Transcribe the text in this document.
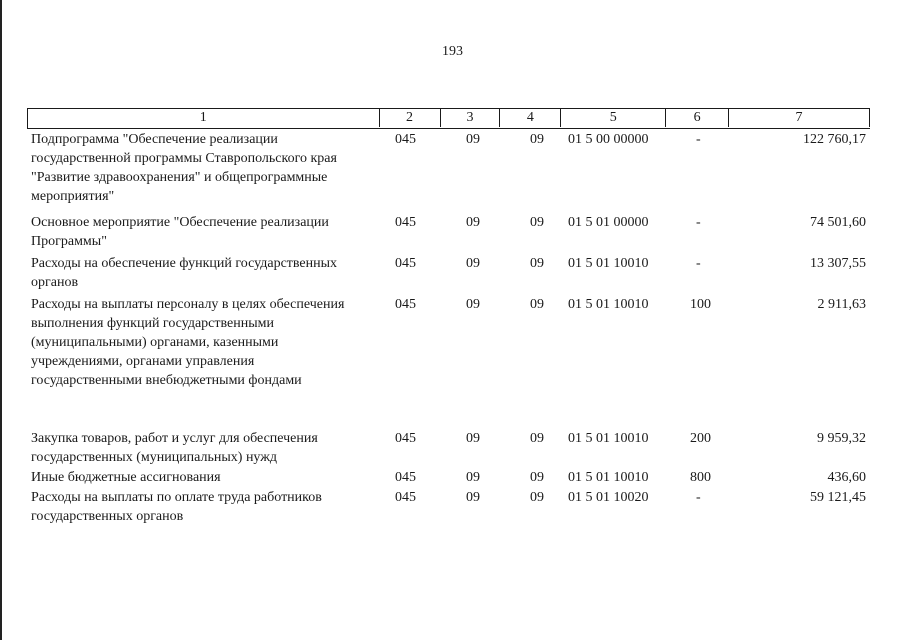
193
1	2	3	4	5	6	7
Подпрограмма "Обеспечение реализации
государственной программы Ставропольского края
"Развитие здравоохранения" и общепрограммные
мероприятия"
045	09	09	01 5 00 00000	-	122 760,17
Основное мероприятие "Обеспечение реализации
Программы"
045	09	09	01 5 01 00000	-	74 501,60
Расходы на обеспечение функций государственных
органов
045	09	09	01 5 01 10010	-	13 307,55
Расходы на выплаты персоналу в целях обеспечения
выполнения функций государственными
(муниципальными) органами, казенными
учреждениями, органами управления
государственными внебюджетными фондами
045	09	09	01 5 01 10010	100	2 911,63
Закупка товаров, работ и услуг для обеспечения
государственных (муниципальных) нужд
045	09	09	01 5 01 10010	200	9 959,32
Иные бюджетные ассигнования	045	09	09	01 5 01 10010	800	436,60
Расходы на выплаты по оплате труда работников
государственных органов
045	09	09	01 5 01 10020	-	59 121,45
